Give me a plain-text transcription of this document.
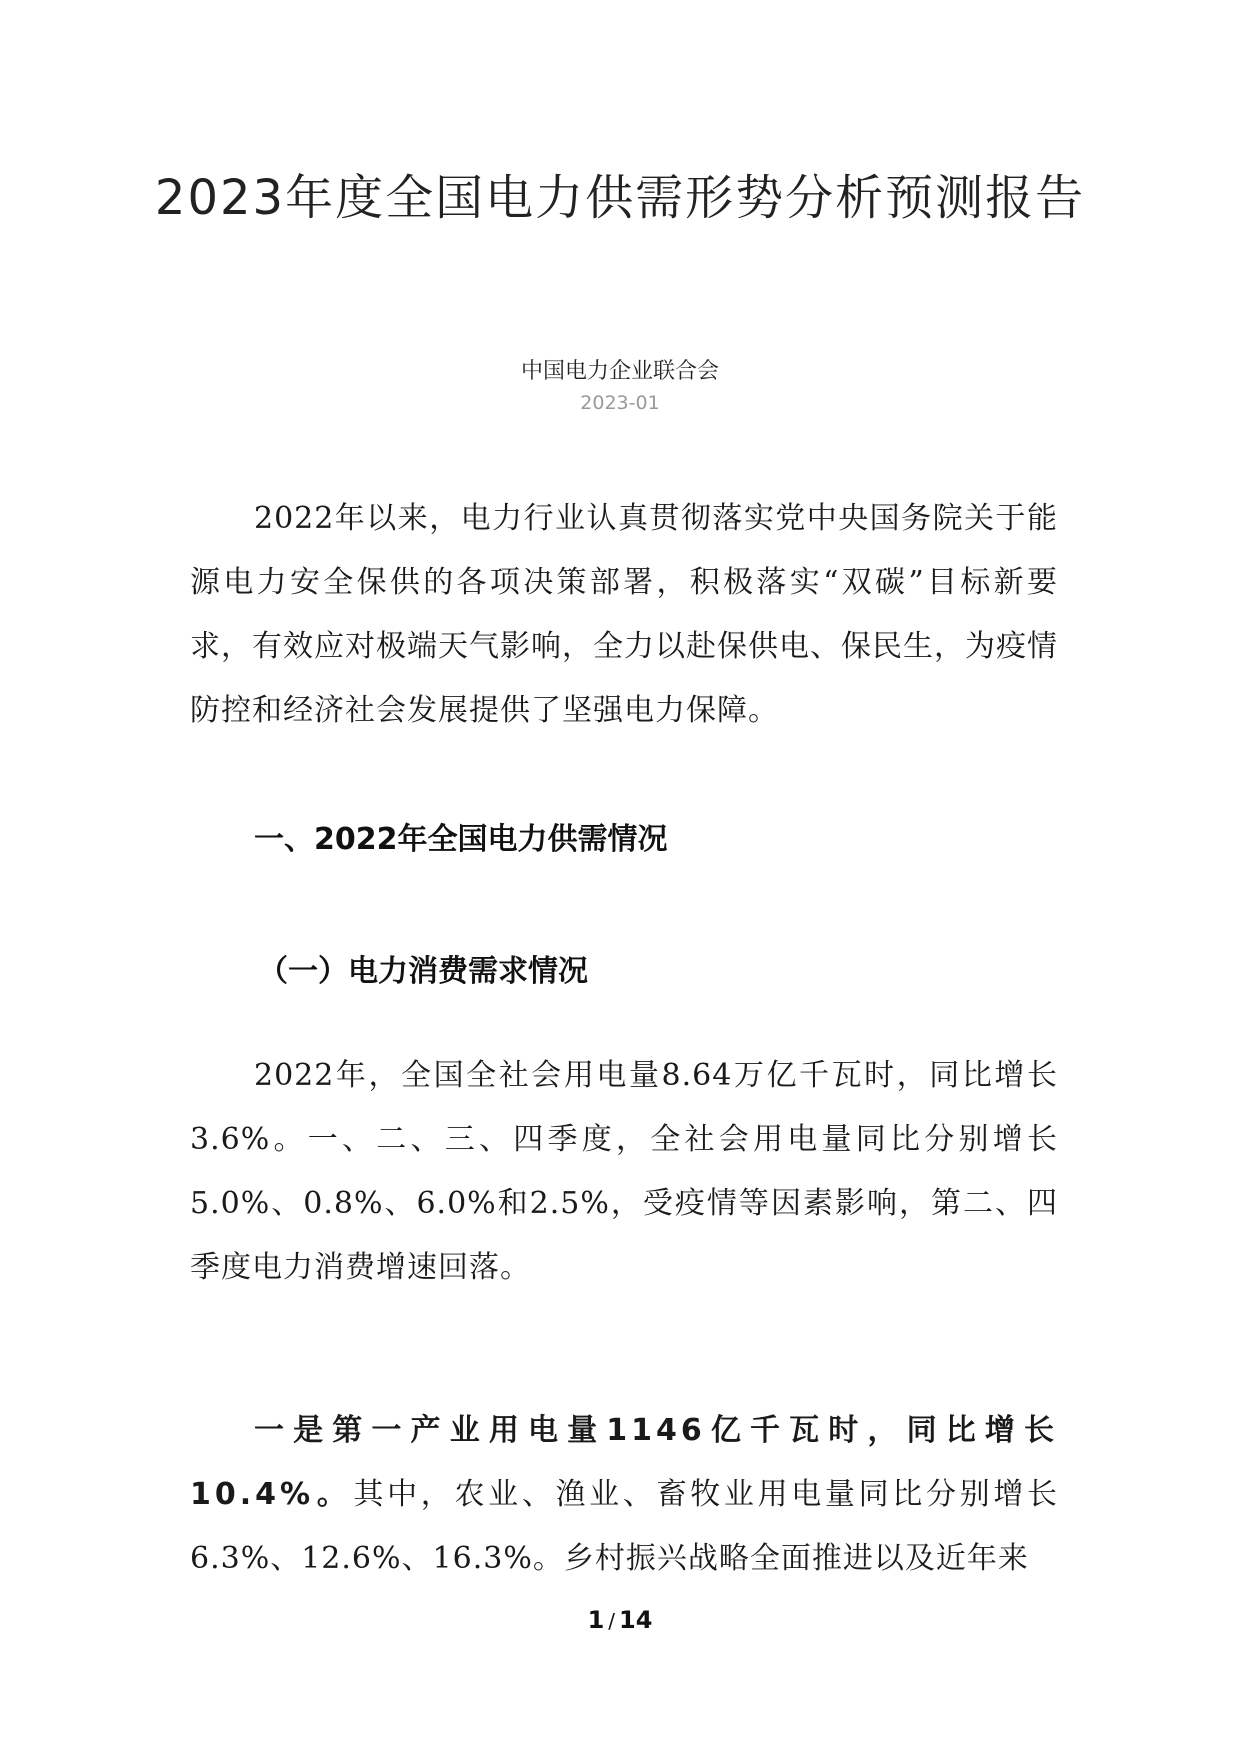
2023年度全国电力供需形势分析预测报告
中国电力企业联合会
2023-01

2022年以来，电力行业认真贯彻落实党中央国务院关于能源电力安全保供的各项决策部署，积极落实“双碳”目标新要求，有效应对极端天气影响，全力以赴保供电、保民生，为疫情防控和经济社会发展提供了坚强电力保障。

一、2022年全国电力供需情况
（一）电力消费需求情况

2022年，全国全社会用电量8.64万亿千瓦时，同比增长3.6%。一、二、三、四季度，全社会用电量同比分别增长5.0%、0.8%、6.0%和2.5%，受疫情等因素影响，第二、四季度电力消费增速回落。

一是第一产业用电量1146亿千瓦时，同比增长10.4%。其中，农业、渔业、畜牧业用电量同比分别增长6.3%、12.6%、16.3%。乡村振兴战略全面推进以及近年来

1 / 14
